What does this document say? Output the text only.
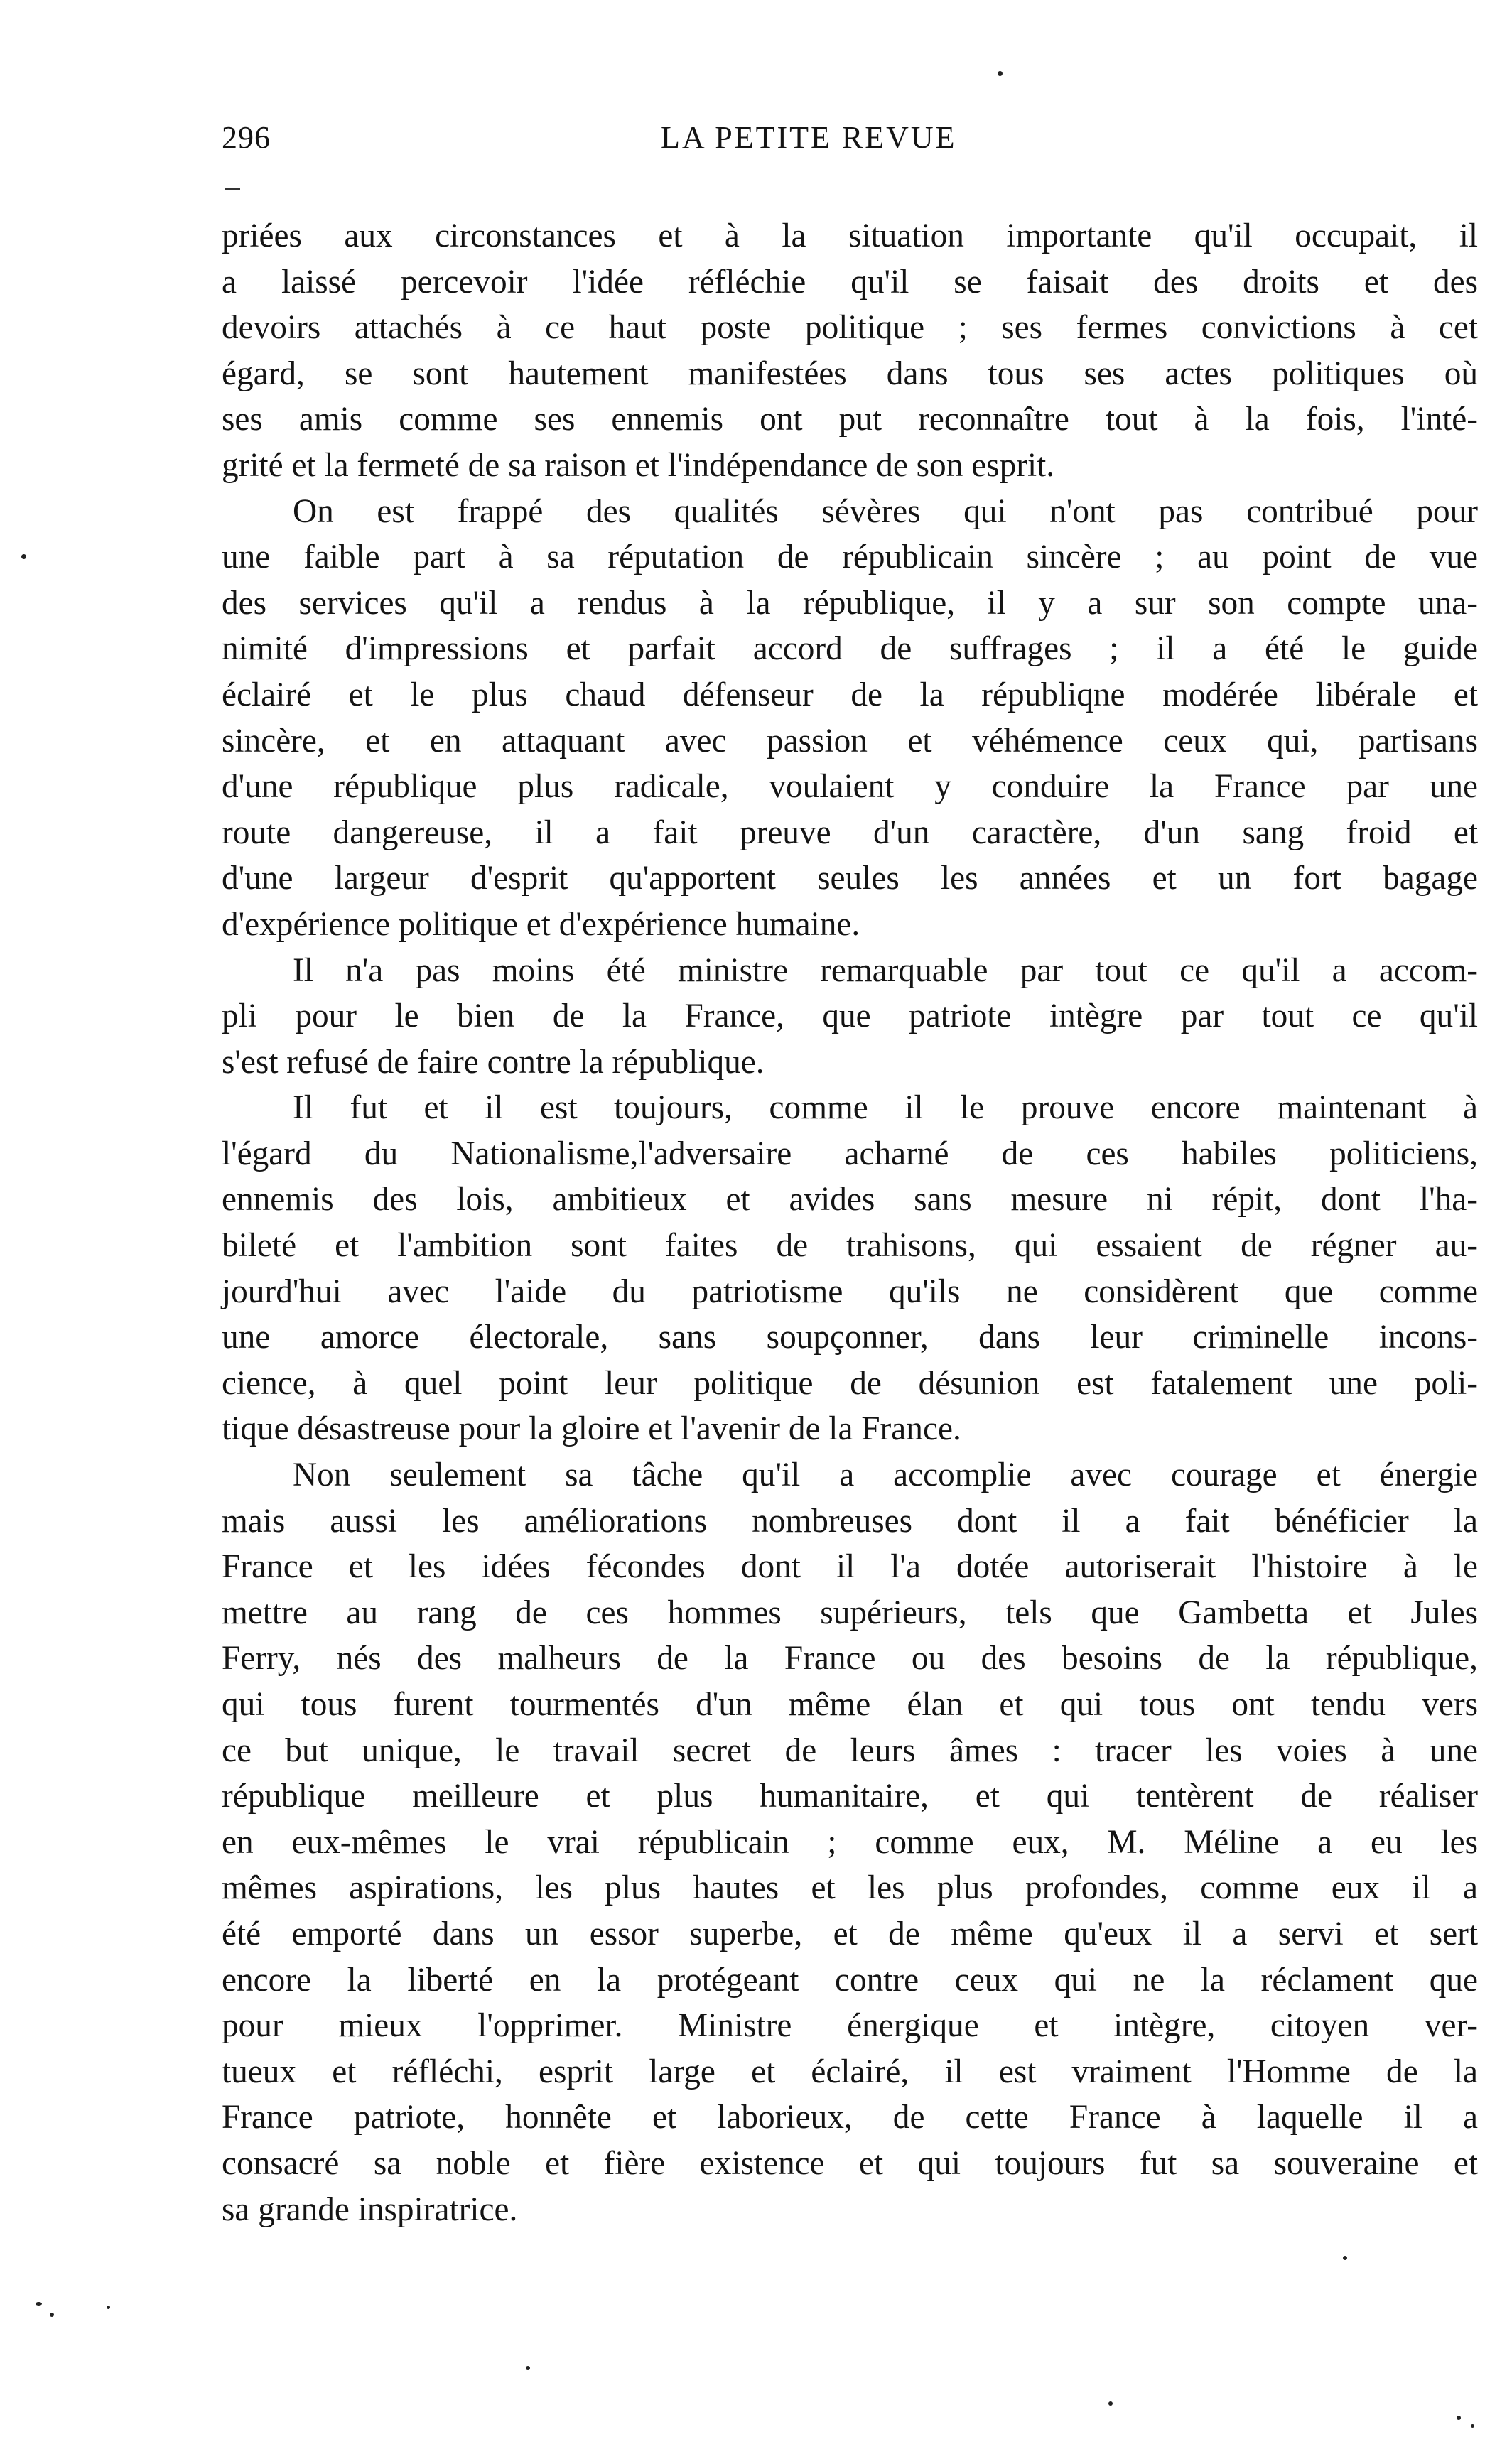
296	LA PETITE REVUE
priées aux circonstances et à la situation importante qu'il occupait, il
a laissé percevoir l'idée réfléchie qu'il se faisait des droits et des
devoirs attachés à ce haut poste politique ; ses fermes convictions à cet
égard, se sont hautement manifestées dans tous ses actes politiques où
ses amis comme ses ennemis ont put reconnaître tout à la fois, l'inté-
grité et la fermeté de sa raison et l'indépendance de son esprit.
On est frappé des qualités sévères qui n'ont pas contribué pour
une faible part à sa réputation de républicain sincère ; au point de vue
des services qu'il a rendus à la république, il y a sur son compte una-
nimité d'impressions et parfait accord de suffrages ; il a été le guide
éclairé et le plus chaud défenseur de la républiqne modérée libérale et
sincère, et en attaquant avec passion et véhémence ceux qui, partisans
d'une république plus radicale, voulaient y conduire la France par une
route dangereuse, il a fait preuve d'un caractère, d'un sang froid et
d'une largeur d'esprit qu'apportent seules les années et un fort bagage
d'expérience politique et d'expérience humaine.
Il n'a pas moins été ministre remarquable par tout ce qu'il a accom-
pli pour le bien de la France, que patriote intègre par tout ce qu'il
s'est refusé de faire contre la république.
Il fut et il est toujours, comme il le prouve encore maintenant à
l'égard du Nationalisme,l'adversaire acharné de ces habiles politiciens,
ennemis des lois, ambitieux et avides sans mesure ni répit, dont l'ha-
bileté et l'ambition sont faites de trahisons, qui essaient de régner au-
jourd'hui avec l'aide du patriotisme qu'ils ne considèrent que comme
une amorce électorale, sans soupçonner, dans leur criminelle incons-
cience, à quel point leur politique de désunion est fatalement une poli-
tique désastreuse pour la gloire et l'avenir de la France.
Non seulement sa tâche qu'il a accomplie avec courage et énergie
mais aussi les améliorations nombreuses dont il a fait bénéficier la
France et les idées fécondes dont il l'a dotée autoriserait l'histoire à le
mettre au rang de ces hommes supérieurs, tels que Gambetta et Jules
Ferry, nés des malheurs de la France ou des besoins de la république,
qui tous furent tourmentés d'un même élan et qui tous ont tendu vers
ce but unique, le travail secret de leurs âmes : tracer les voies à une
république meilleure et plus humanitaire, et qui tentèrent de réaliser
en eux-mêmes le vrai républicain ; comme eux, M. Méline a eu les
mêmes aspirations, les plus hautes et les plus profondes, comme eux il a
été emporté dans un essor superbe, et de même qu'eux il a servi et sert
encore la liberté en la protégeant contre ceux qui ne la réclament que
pour mieux l'opprimer. Ministre énergique et intègre, citoyen ver-
tueux et réfléchi, esprit large et éclairé, il est vraiment l'Homme de la
France patriote, honnête et laborieux, de cette France à laquelle il a
consacré sa noble et fière existence et qui toujours fut sa souveraine et
sa grande inspiratrice.
